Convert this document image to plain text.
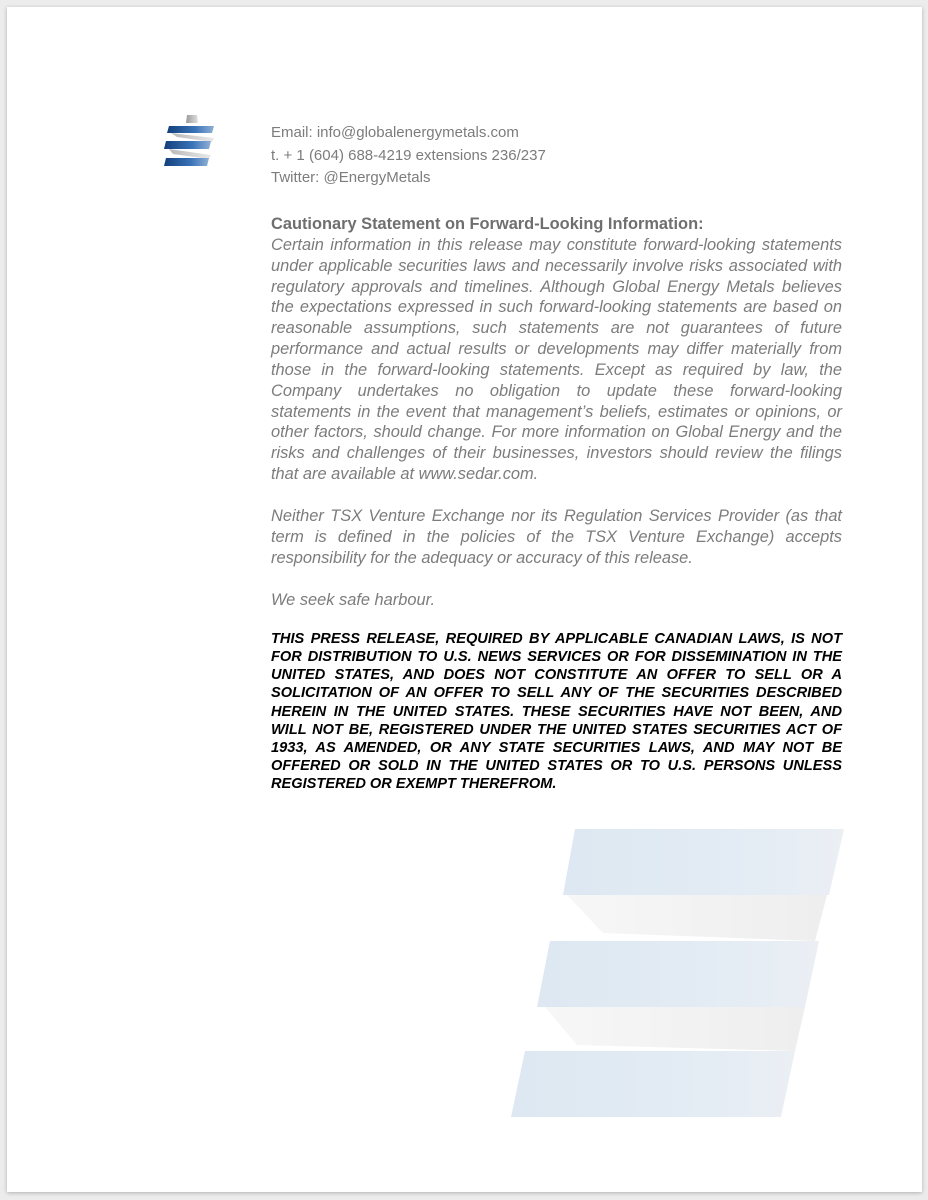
Email: info@globalenergymetals.com
t. + 1 (604) 688-4219 extensions 236/237
Twitter: @EnergyMetals
Cautionary Statement on Forward-Looking Information:

Certain information in this release may constitute forward-looking statements under applicable securities laws and necessarily involve risks associated with regulatory approvals and timelines. Although Global Energy Metals believes the expectations expressed in such forward-looking statements are based on reasonable assumptions, such statements are not guarantees of future performance and actual results or developments may differ materially from those in the forward-looking statements. Except as required by law, the Company undertakes no obligation to update these forward-looking statements in the event that management’s beliefs, estimates or opinions, or other factors, should change. For more information on Global Energy and the risks and challenges of their businesses, investors should review the filings that are available at www.sedar.com.

Neither TSX Venture Exchange nor its Regulation Services Provider (as that term is defined in the policies of the TSX Venture Exchange) accepts responsibility for the adequacy or accuracy of this release.

We seek safe harbour.
THIS PRESS RELEASE, REQUIRED BY APPLICABLE CANADIAN LAWS, IS NOT FOR DISTRIBUTION TO U.S. NEWS SERVICES OR FOR DISSEMINATION IN THE UNITED STATES, AND DOES NOT CONSTITUTE AN OFFER TO SELL OR A SOLICITATION OF AN OFFER TO SELL ANY OF THE SECURITIES DESCRIBED HEREIN IN THE UNITED STATES. THESE SECURITIES HAVE NOT BEEN, AND WILL NOT BE, REGISTERED UNDER THE UNITED STATES SECURITIES ACT OF 1933, AS AMENDED, OR ANY STATE SECURITIES LAWS, AND MAY NOT BE OFFERED OR SOLD IN THE UNITED STATES OR TO U.S. PERSONS UNLESS REGISTERED OR EXEMPT THEREFROM.
